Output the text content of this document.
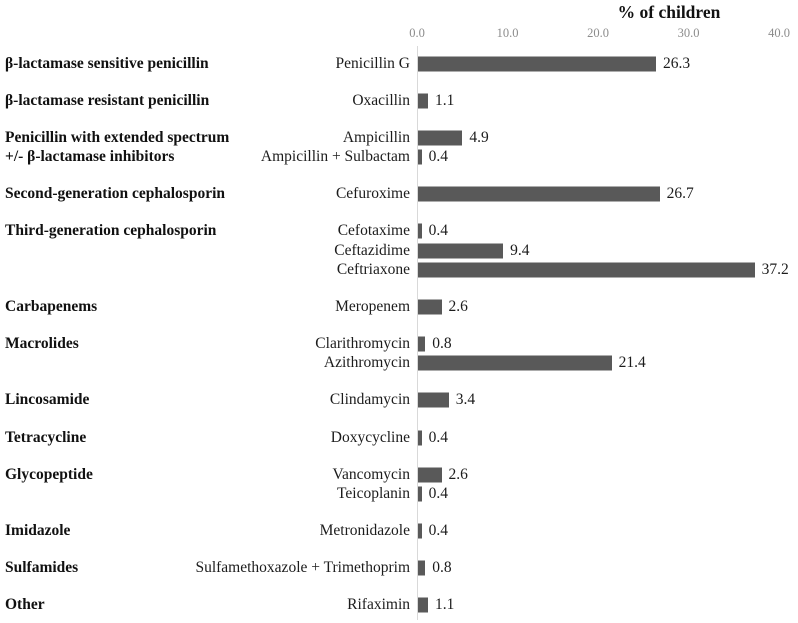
% of children
0.0	10.0	20.0	30.0	40.0
β-lactamase sensitive penicillin	Penicillin G	26.3
β-lactamase resistant penicillin	Oxacillin 1.1
Penicillin with extended spectrum	Ampicillin	4.9
+/- β-lactamase inhibitors	Ampicillin + Sulbactam 0.4
Second-generation cephalosporin	Cefuroxime	26.7
Third-generation cephalosporin	Cefotaxime 0.4
Ceftazidime	9.4
Ceftriaxone	37.2
Carbapenems	Meropenem 2.6
Macrolides	Clarithromycin 0.8
Azithromycin	21.4
Lincosamide	Clindamycin	3.4
Tetracycline	Doxycycline 0.4
Glycopeptide	Vancomycin 2.6
Teicoplanin 0.4
Imidazole	Metronidazole 0.4
Sulfamides	Sulfamethoxazole + Trimethoprim 0.8
Other	Rifaximin 1.1
